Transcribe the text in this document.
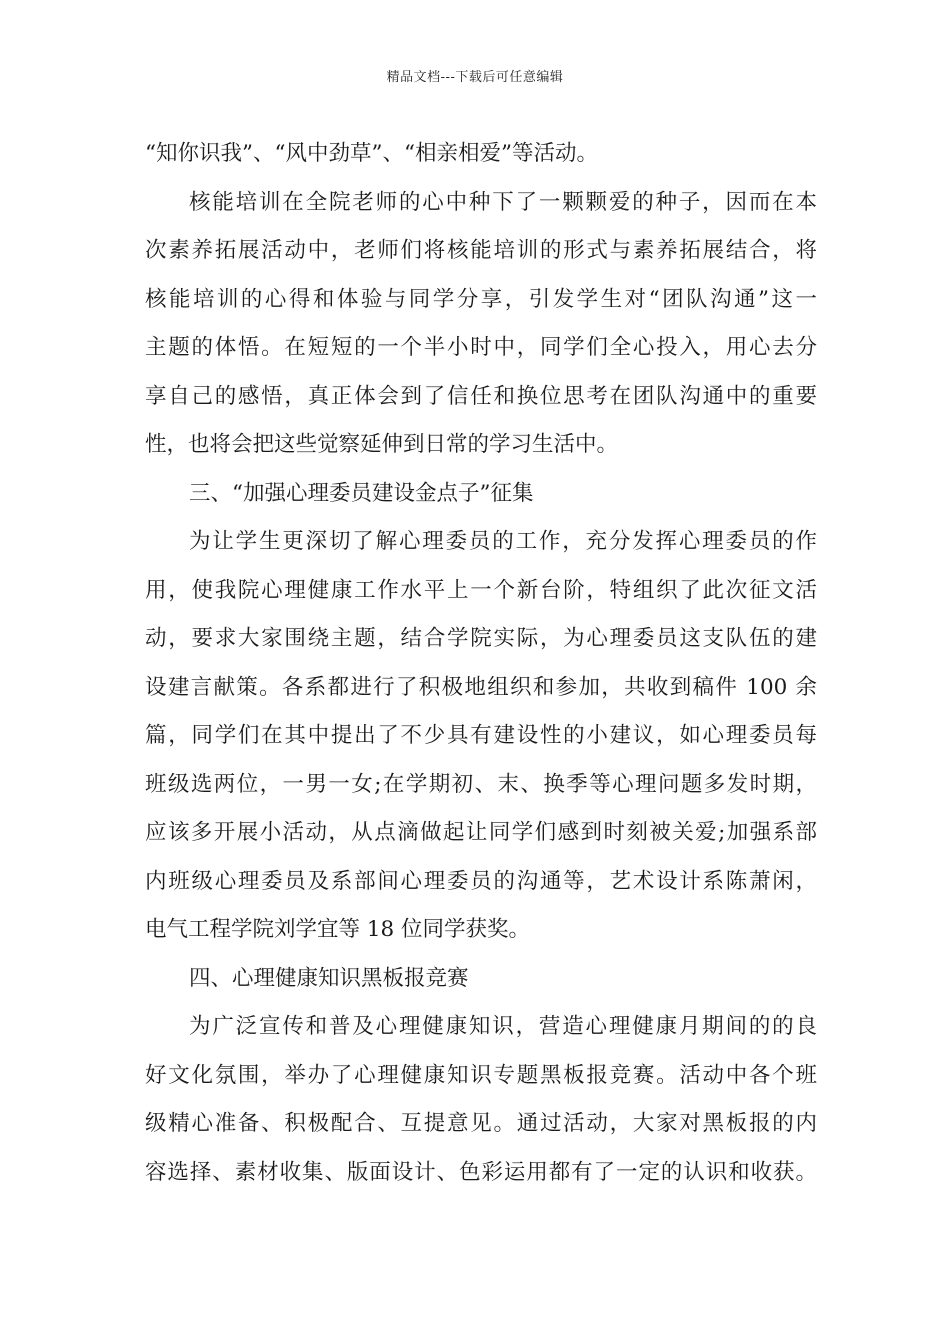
精品文档---下载后可任意编辑
“知你识我”、“风中劲草”、“相亲相爱”等活动。
核能培训在全院老师的心中种下了一颗颗爱的种子，因而在本
次素养拓展活动中，老师们将核能培训的形式与素养拓展结合，将
核能培训的心得和体验与同学分享，引发学生对“团队沟通”这一
主题的体悟。在短短的一个半小时中，同学们全心投入，用心去分
享自己的感悟，真正体会到了信任和换位思考在团队沟通中的重要
性，也将会把这些觉察延伸到日常的学习生活中。
三、“加强心理委员建设金点子”征集
为让学生更深切了解心理委员的工作，充分发挥心理委员的作
用，使我院心理健康工作水平上一个新台阶，特组织了此次征文活
动，要求大家围绕主题，结合学院实际，为心理委员这支队伍的建
设建言献策。各系都进行了积极地组织和参加，共收到稿件 100 余
篇，同学们在其中提出了不少具有建设性的小建议，如心理委员每
班级选两位，一男一女;在学期初、末、换季等心理问题多发时期，
应该多开展小活动，从点滴做起让同学们感到时刻被关爱;加强系部
内班级心理委员及系部间心理委员的沟通等，艺术设计系陈萧闲，
电气工程学院刘学宜等 18 位同学获奖。
四、心理健康知识黑板报竞赛
为广泛宣传和普及心理健康知识，营造心理健康月期间的的良
好文化氛围，举办了心理健康知识专题黑板报竞赛。活动中各个班
级精心准备、积极配合、互提意见。通过活动，大家对黑板报的内
容选择、素材收集、版面设计、色彩运用都有了一定的认识和收获。
